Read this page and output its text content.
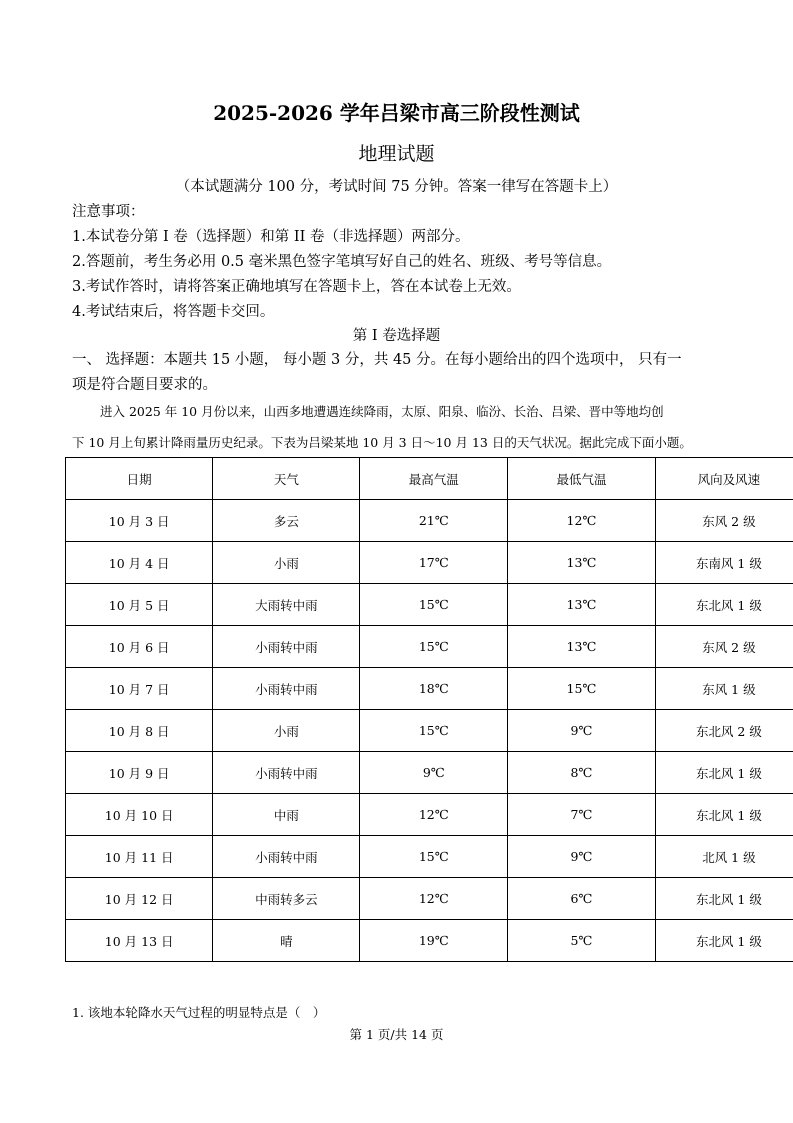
2025-2026 学年吕梁市高三阶段性测试
地理试题
（本试题满分 100 分，考试时间 75 分钟。答案一律写在答题卡上）
注意事项：
1.本试卷分第 I 卷（选择题）和第 II 卷（非选择题）两部分。
2.答题前，考生务必用 0.5 毫米黑色签字笔填写好自己的姓名、班级、考号等信息。
3.考试作答时，请将答案正确地填写在答题卡上，答在本试卷上无效。
4.考试结束后，将答题卡交回。
第 I 卷选择题
一、 选择题：本题共 15 小题， 每小题 3 分，共 45 分。在每小题给出的四个选项中， 只有一
项是符合题目要求的。
进入 2025 年 10 月份以来，山西多地遭遇连续降雨，太原、阳泉、临汾、长治、吕梁、晋中等地均创
下 10 月上旬累计降雨量历史纪录。下表为吕梁某地 10 月 3 日～10 月 13 日的天气状况。据此完成下面小题。
日期	天气	最高气温	最低气温	风向及风速
10 月 3 日	多云	21℃	12℃	东风 2 级
10 月 4 日	小雨	17℃	13℃	东南风 1 级
10 月 5 日	大雨转中雨	15℃	13℃	东北风 1 级
10 月 6 日	小雨转中雨	15℃	13℃	东风 2 级
10 月 7 日	小雨转中雨	18℃	15℃	东风 1 级
10 月 8 日	小雨	15℃	9℃	东北风 2 级
10 月 9 日	小雨转中雨	9℃	8℃	东北风 1 级
10 月 10 日	中雨	12℃	7℃	东北风 1 级
10 月 11 日	小雨转中雨	15℃	9℃	北风 1 级
10 月 12 日	中雨转多云	12℃	6℃	东北风 1 级
10 月 13 日	晴	19℃	5℃	东北风 1 级
1. 该地本轮降水天气过程的明显特点是（　）
第 1 页/共 14 页
